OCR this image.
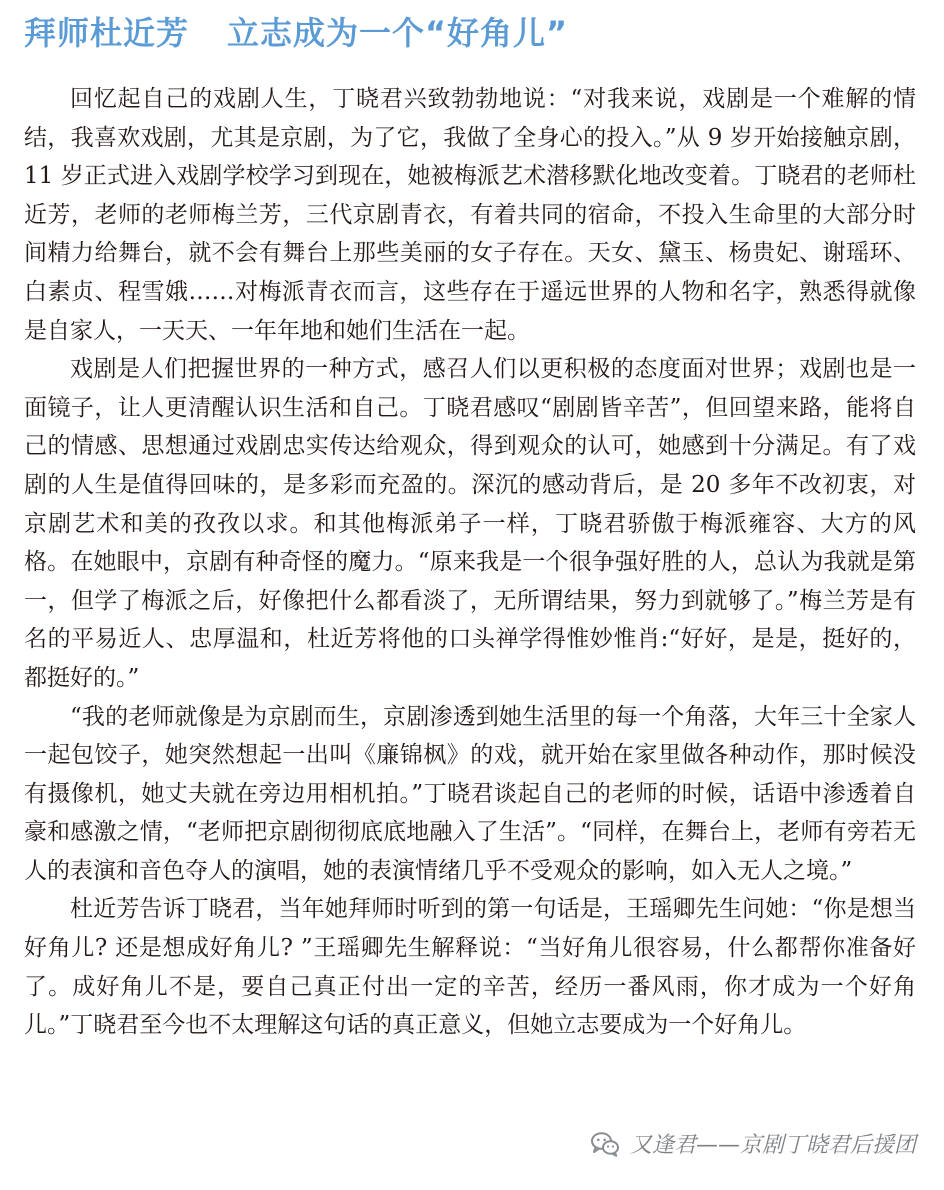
拜师杜近芳 立志成为一个“好角儿”

回忆起自己的戏剧人生，丁晓君兴致勃勃地说：“对我来说，戏剧是一个难解的情结，我喜欢戏剧，尤其是京剧，为了它，我做了全身心的投入。”从 9 岁开始接触京剧，11 岁正式进入戏剧学校学习到现在，她被梅派艺术潜移默化地改变着。丁晓君的老师杜近芳，老师的老师梅兰芳，三代京剧青衣，有着共同的宿命，不投入生命里的大部分时间精力给舞台，就不会有舞台上那些美丽的女子存在。天女、黛玉、杨贵妃、谢瑶环、白素贞、程雪娥……对梅派青衣而言，这些存在于遥远世界的人物和名字，熟悉得就像是自家人，一天天、一年年地和她们生活在一起。

戏剧是人们把握世界的一种方式，感召人们以更积极的态度面对世界；戏剧也是一面镜子，让人更清醒认识生活和自己。丁晓君感叹“剧剧皆辛苦”，但回望来路，能将自己的情感、思想通过戏剧忠实传达给观众，得到观众的认可，她感到十分满足。有了戏剧的人生是值得回味的，是多彩而充盈的。深沉的感动背后，是 20 多年不改初衷，对京剧艺术和美的孜孜以求。和其他梅派弟子一样，丁晓君骄傲于梅派雍容、大方的风格。在她眼中，京剧有种奇怪的魔力。“原来我是一个很争强好胜的人，总认为我就是第一，但学了梅派之后，好像把什么都看淡了，无所谓结果，努力到就够了。”梅兰芳是有名的平易近人、忠厚温和，杜近芳将他的口头禅学得惟妙惟肖:“好好，是是，挺好的，都挺好的。”

“我的老师就像是为京剧而生，京剧渗透到她生活里的每一个角落，大年三十全家人一起包饺子，她突然想起一出叫《廉锦枫》的戏，就开始在家里做各种动作，那时候没有摄像机，她丈夫就在旁边用相机拍。”丁晓君谈起自己的老师的时候，话语中渗透着自豪和感激之情，“老师把京剧彻彻底底地融入了生活”。“同样，在舞台上，老师有旁若无人的表演和音色夺人的演唱，她的表演情绪几乎不受观众的影响，如入无人之境。”

杜近芳告诉丁晓君，当年她拜师时听到的第一句话是，王瑶卿先生问她：“你是想当好角儿? 还是想成好角儿? ”王瑶卿先生解释说：“当好角儿很容易，什么都帮你准备好了。成好角儿不是，要自己真正付出一定的辛苦，经历一番风雨，你才成为一个好角儿。”丁晓君至今也不太理解这句话的真正意义，但她立志要成为一个好角儿。

又逢君——京剧丁晓君后援团
